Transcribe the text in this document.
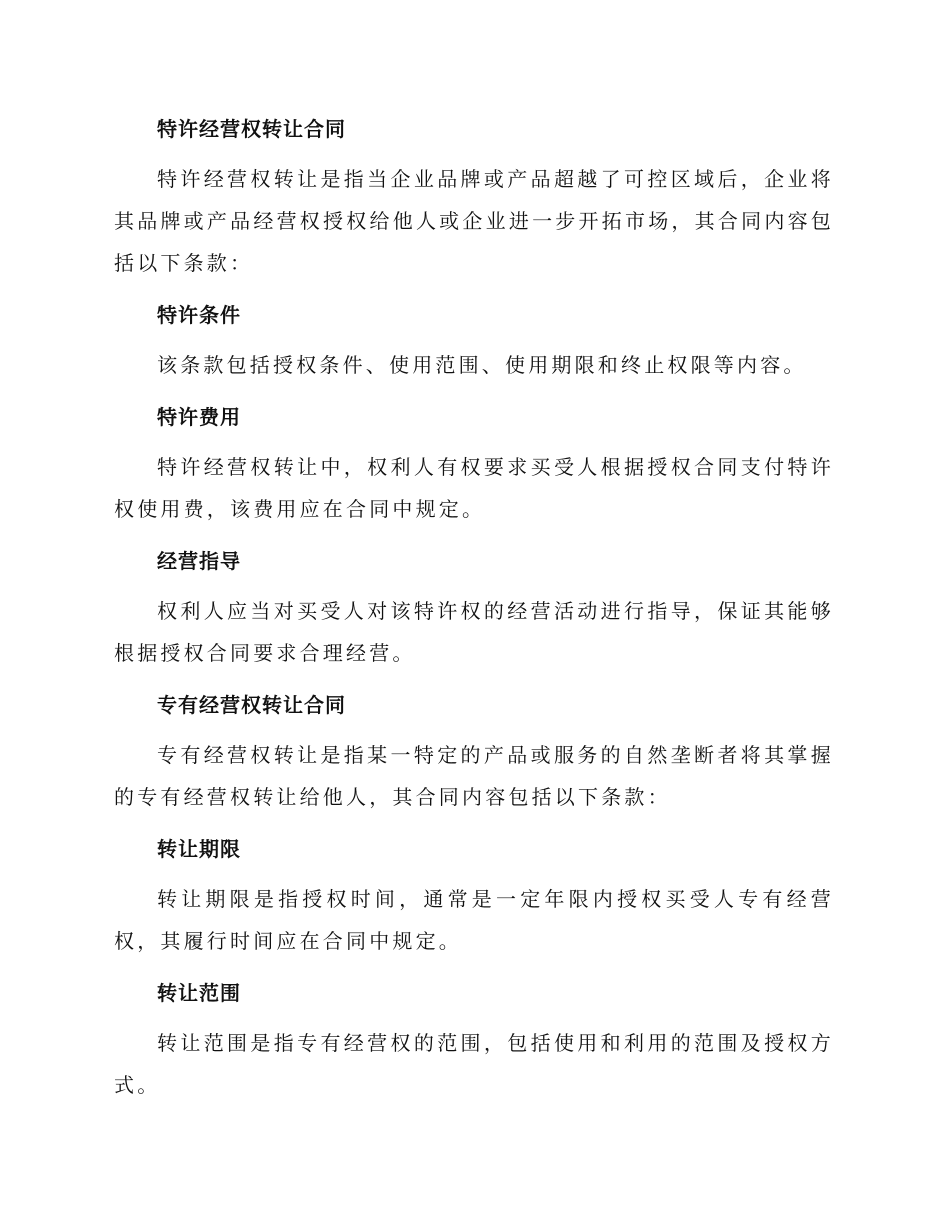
特许经营权转让合同

特许经营权转让是指当企业品牌或产品超越了可控区域后，企业将其品牌或产品经营权授权给他人或企业进一步开拓市场，其合同内容包括以下条款：

特许条件

该条款包括授权条件、使用范围、使用期限和终止权限等内容。

特许费用

特许经营权转让中，权利人有权要求买受人根据授权合同支付特许权使用费，该费用应在合同中规定。

经营指导

权利人应当对买受人对该特许权的经营活动进行指导，保证其能够根据授权合同要求合理经营。

专有经营权转让合同

专有经营权转让是指某一特定的产品或服务的自然垄断者将其掌握的专有经营权转让给他人，其合同内容包括以下条款：

转让期限

转让期限是指授权时间，通常是一定年限内授权买受人专有经营权，其履行时间应在合同中规定。

转让范围

转让范围是指专有经营权的范围，包括使用和利用的范围及授权方式。
